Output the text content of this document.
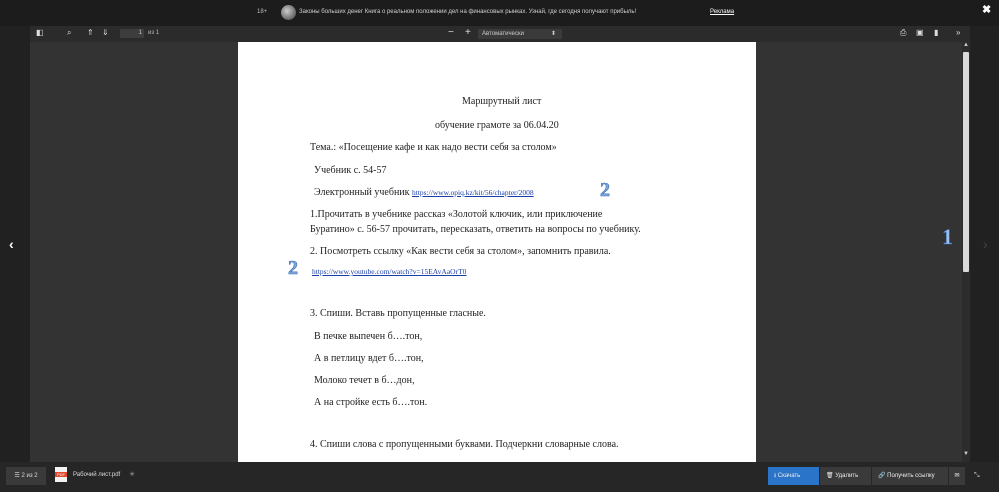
18+	Законы больших денег Книга о реальном положении дел на финансовых рынках. Узнай, где сегодня получают прибыль!	Реклама	✖
◧	⌕ ⇑ ⇓	1	из 1	− +	Автоматически	⬍	⎙ ▣ ▮ »
Маршрутный лист
обучение грамоте за 06.04.20
Тема.: «Посещение кафе и как надо вести себя за столом»
Учебник с. 54-57
Электронный учебник https://www.opiq.kz/kit/56/chapter/2008	2
1.Прочитать в учебнике рассказ «Золотой ключик, или приключение
Буратино» с. 56-57 прочитать, пересказать, ответить на вопросы по учебнику.
2. Посмотреть ссылку «Как вести себя за столом», запомнить правила.
2 https://www.youtube.com/watch?v=15EAvAaOrT0
3. Спиши. Вставь пропущенные гласные.
В печке выпечен б….тон,
А в петлицу вдет б….тон,
Молоко течет в б…дон,
А на стройке есть б….тон.
4. Спиши слова с пропущенными буквами. Подчеркни словарные слова.
▲
▼
‹	›
1
☰ 2 из 2	PDF	Рабочий лист.pdf ★	⭳ Скачать	🗑 Удалить	🔗 Получить ссылку	✉	⤡
